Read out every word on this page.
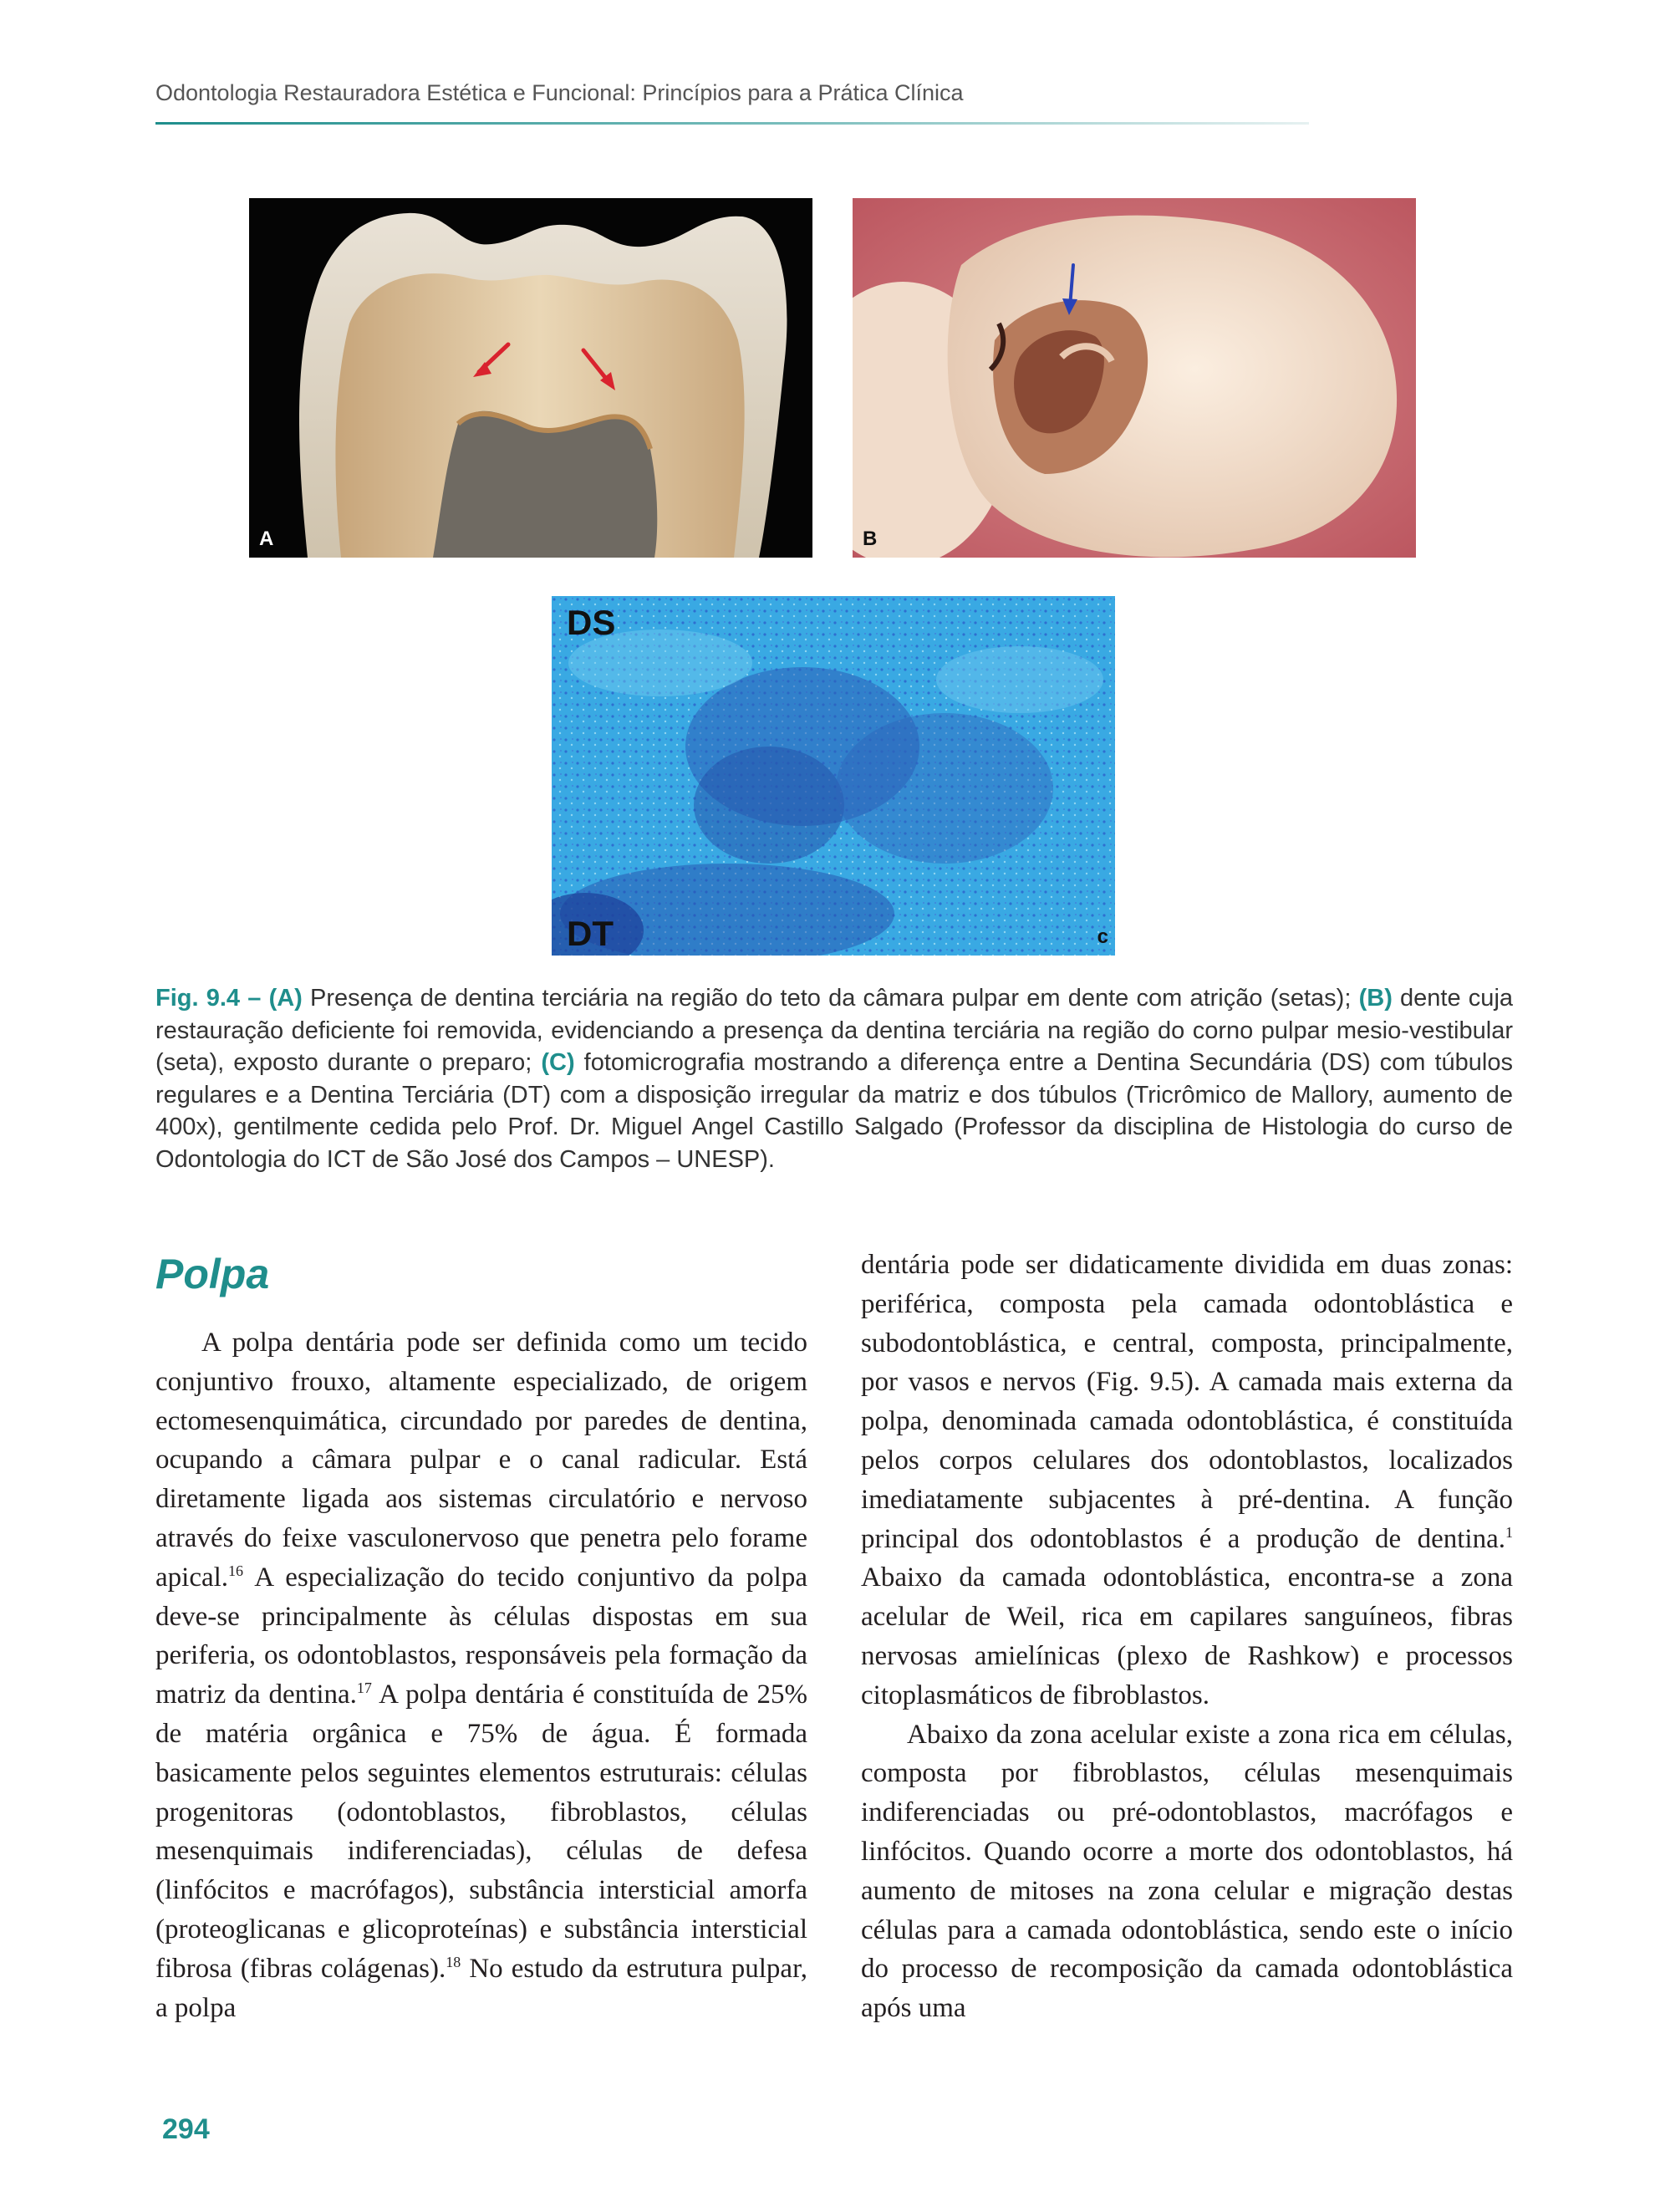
Odontologia Restauradora Estética e Funcional: Princípios para a Prática Clínica
A	B
DS
DT	c
Fig. 9.4 – (A) Presença de dentina terciária na região do teto da câmara pulpar em dente com atrição (setas); (B) dente cuja restauração deficiente foi removida, evidenciando a presença da dentina terciária na região do corno pulpar mesio-vestibular (seta), exposto durante o preparo; (C) fotomicrografia mostrando a diferença entre a Dentina Secundária (DS) com túbulos regulares e a Dentina Terciária (DT) com a disposição irregular da matriz e dos túbulos (Tricrômico de Mallory, aumento de 400x), gentilmente cedida pelo Prof. Dr. Miguel Angel Castillo Salgado (Professor da disciplina de Histologia do curso de Odontologia do ICT de São José dos Campos – UNESP).
Polpa

A polpa dentária pode ser definida como um tecido conjuntivo frouxo, altamente especializado, de origem ectomesenquimática, circundado por paredes de dentina, ocupando a câmara pulpar e o canal radicular. Está diretamente ligada aos sistemas circulatório e nervoso através do feixe vasculonervoso que penetra pelo forame apical.$^{16}$ A especialização do tecido conjuntivo da polpa deve-se principalmente às células dispostas em sua periferia, os odontoblastos, responsáveis pela formação da matriz da dentina.$^{17}$ A polpa dentária é constituída de 25% de matéria orgânica e 75% de água. É formada basicamente pelos seguintes elementos estruturais: células progenitoras (odontoblastos, fibroblastos, células mesenquimais indiferenciadas), células de defesa (linfócitos e macrófagos), substância intersticial amorfa (proteoglicanas e glicoproteínas) e substância intersticial fibrosa (fibras colágenas).$^{18}$ No estudo da estrutura pulpar, a polpa

dentária pode ser didaticamente dividida em duas zonas: periférica, composta pela camada odontoblástica e subodontoblástica, e central, composta, principalmente, por vasos e nervos (Fig. 9.5). A camada mais externa da polpa, denominada camada odontoblástica, é constituída pelos corpos celulares dos odontoblastos, localizados imediatamente subjacentes à pré-dentina. A função principal dos odontoblastos é a produção de dentina.$^1$ Abaixo da camada odontoblástica, encontra-se a zona acelular de Weil, rica em capilares sanguíneos, fibras nervosas amielínicas (plexo de Rashkow) e processos citoplasmáticos de fibroblastos.

Abaixo da zona acelular existe a zona rica em células, composta por fibroblastos, células mesenquimais indiferenciadas ou pré-odontoblastos, macrófagos e linfócitos. Quando ocorre a morte dos odontoblastos, há aumento de mitoses na zona celular e migração destas células para a camada odontoblástica, sendo este o início do processo de recomposição da camada odontoblástica após uma

294
